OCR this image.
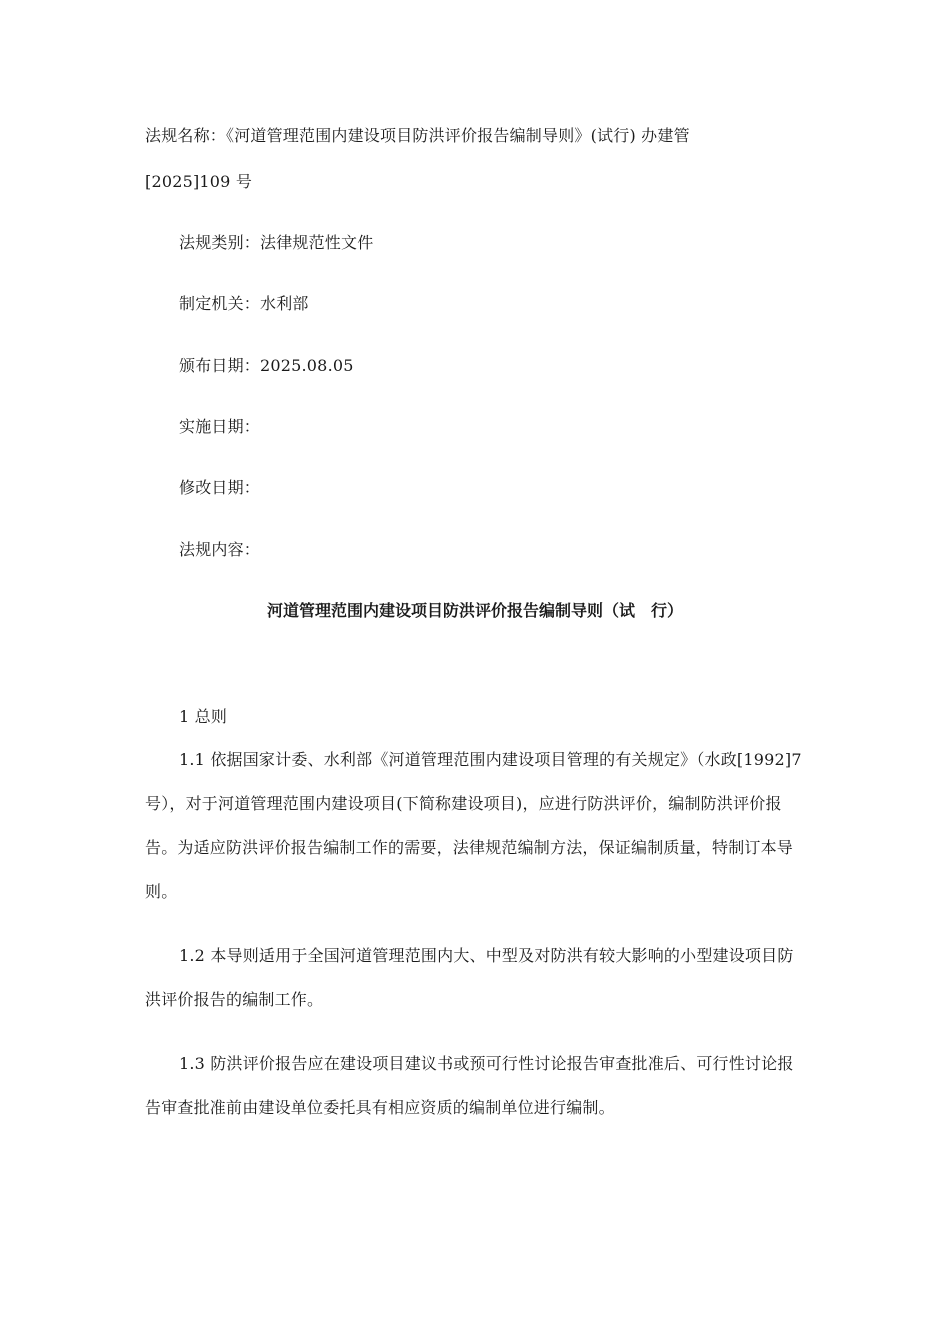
法规名称：《河道管理范围内建设项目防洪评价报告编制导则》(试行) 办建管
[2025]109 号
法规类别：法律规范性文件
制定机关：水利部
颁布日期：2025.08.05
实施日期：
修改日期：
法规内容：
河道管理范围内建设项目防洪评价报告编制导则（试　行）
1 总则
1.1 依据国家计委、水利部《河道管理范围内建设项目管理的有关规定》（水政[1992]7 号），对于河道管理范围内建设项目(下简称建设项目)，应进行防洪评价，编制防洪评价报告。为适应防洪评价报告编制工作的需要，法律规范编制方法，保证编制质量，特制订本导则。
1.2 本导则适用于全国河道管理范围内大、中型及对防洪有较大影响的小型建设项目防洪评价报告的编制工作。
1.3 防洪评价报告应在建设项目建议书或预可行性讨论报告审查批准后、可行性讨论报告审查批准前由建设单位委托具有相应资质的编制单位进行编制。
